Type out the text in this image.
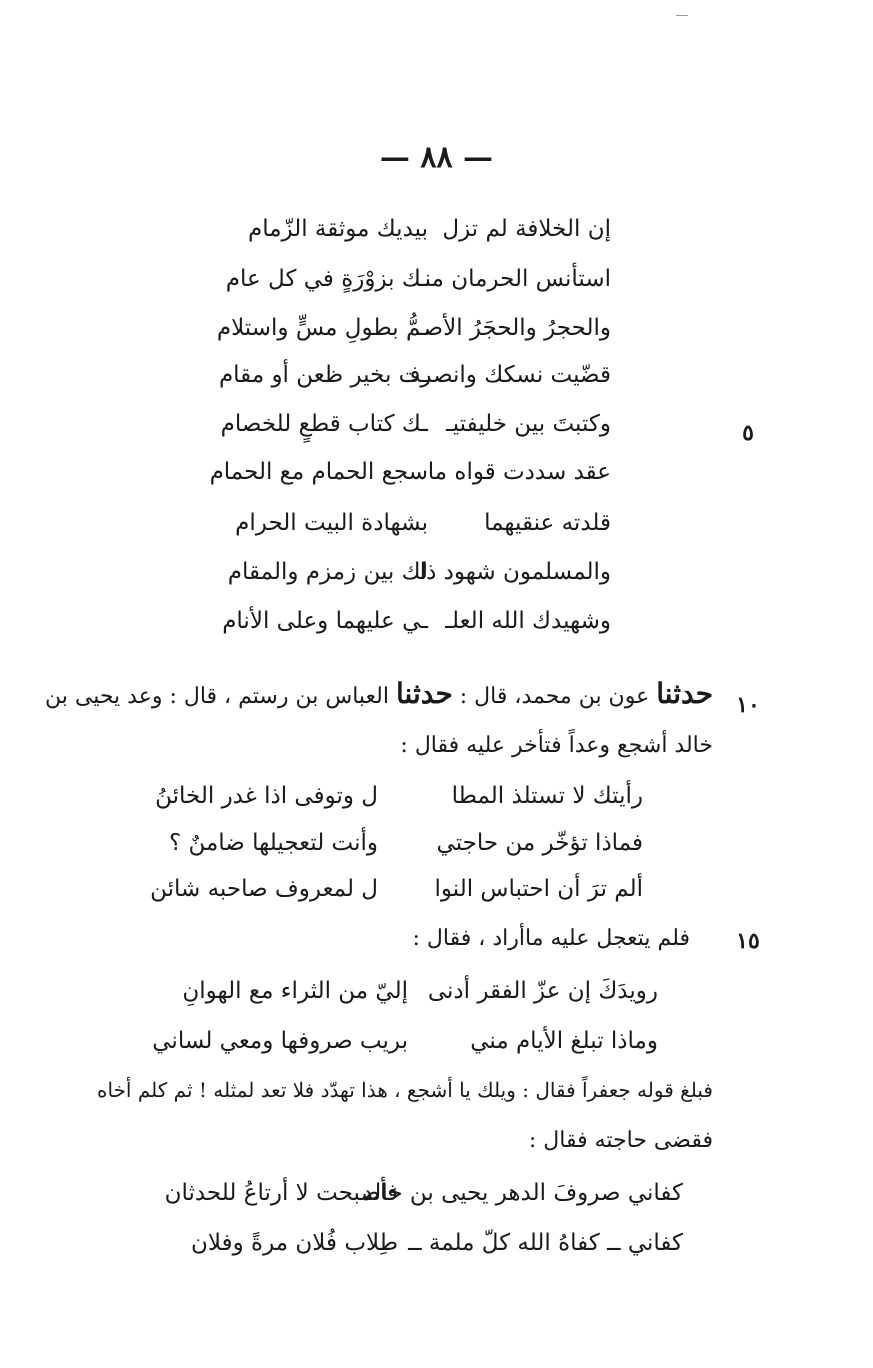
— ٨٨ —
إن الخلافة لم تزل
بيديك موثقة الزّمام
استأنس الحرمان منـ
ـك بزوْرَةٍ في كل عام
والحجرُ والحجَرُ الأصـ
ـمُّ بطولِ مسٍّ واستلام
قضّيت نسكك وانصرفـ
ـت بخير ظعن أو مقام
وكتبتَ بين خليفتيـ
ـك كتاب قطعٍ للخصام	٥
عقد سددت قواه ما
سجع الحمام مع الحمام
قلدته عنقيهما
بشهادة البيت الحرام
والمسلمون شهود ذا
لك بين زمزم والمقام
وشهيدك الله العلـ
ـي عليهما وعلى الأنام
١٠
حدثنا عون بن محمد، قال : حدثنا العباس بن رستم ، قال : وعد يحيى بن
خالد أشجع وعداً فتأخر عليه فقال :
رأيتك لا تستلذ المطا
ل وتوفى اذا غدر الخائنُ
فماذا تؤخّر من حاجتي
وأنت لتعجيلها ضامنٌ ؟
ألم ترَ أن احتباس النوا
ل لمعروف صاحبه شائن
١٥
فلم يتعجل عليه ماأراد ، فقال :
رويدَكَ إن عزّ الفقر أدنى
إليّ من الثراء مع الهوانِ
وماذا تبلغ الأيام مني
بريب صروفها ومعي لساني
فبلغ قوله جعفراً فقال : ويلك يا أشجع ، هذا تهدّد فلا تعد لمثله ! ثم كلم أخاه
فقضى حاجته فقال :
كفاني صروفَ الدهر يحيى بن خالد
فأصبحت لا أرتاعُ للحدثان
كفاني ــ كفاهُ الله كلّ ملمة ــ
طِلاب فُلان مرةً وفلان
